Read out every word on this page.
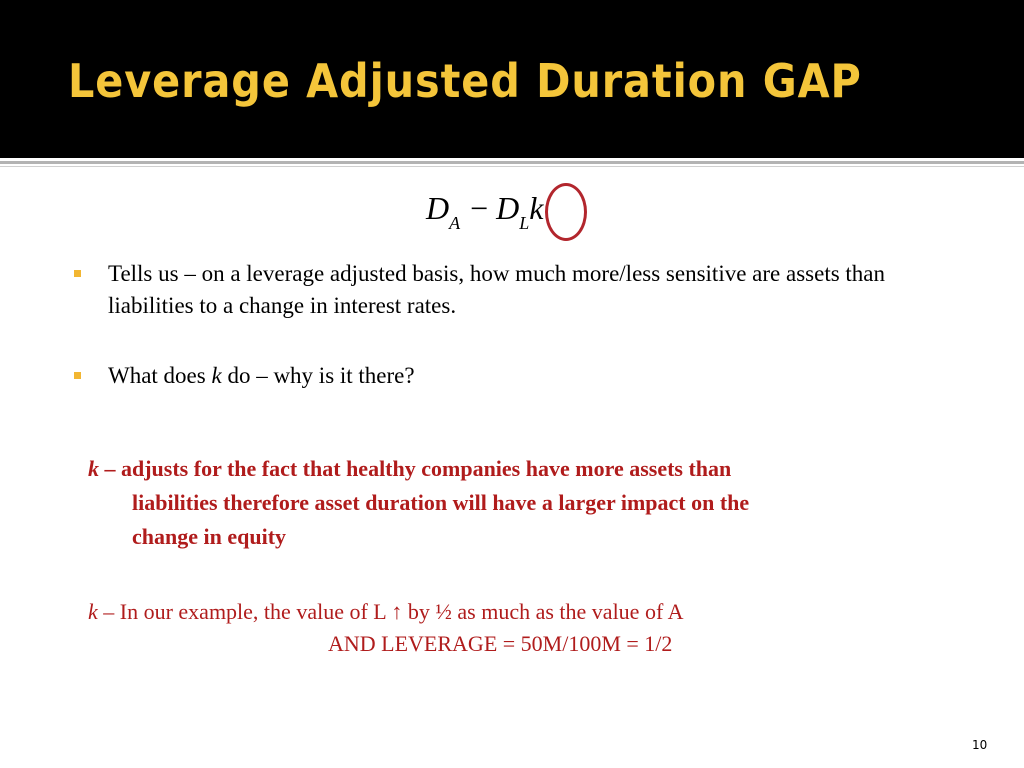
Leverage Adjusted Duration GAP
$D_A - D_Lk$
Tells us – on a leverage adjusted basis, how much more/less sensitive are assets than liabilities to a change in interest rates.
What does k do – why is it there?
k – adjusts for the fact that healthy companies have more assets than
liabilities therefore asset duration will have a larger impact on the
change in equity
k – In our example, the value of L ↑ by ½ as much as the value of A
AND LEVERAGE = 50M/100M = 1/2
10
